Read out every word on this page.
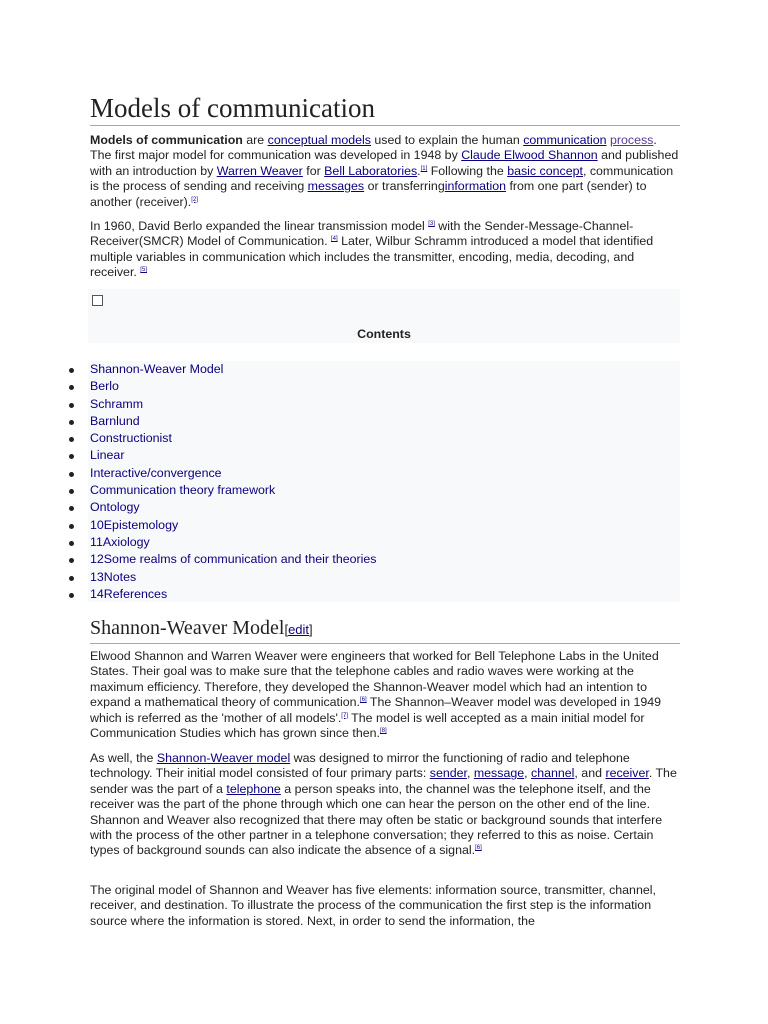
Models of communication

Models of communication are conceptual models used to explain the human communication process. The first major model for communication was developed in 1948 by Claude Elwood Shannon and published with an introduction by Warren Weaver for Bell Laboratories.[1] Following the basic concept, communication is the process of sending and receiving messages or transferringinformation from one part (sender) to another (receiver).[2]

In 1960, David Berlo expanded the linear transmission model [3] with the Sender-Message-Channel-Receiver(SMCR) Model of Communication. [4] Later, Wilbur Schramm introduced a model that identified multiple variables in communication which includes the transmitter, encoding, media, decoding, and receiver. [5]

Shannon-Weaver Model[edit]

Elwood Shannon and Warren Weaver were engineers that worked for Bell Telephone Labs in the United States. Their goal was to make sure that the telephone cables and radio waves were working at the maximum efficiency. Therefore, they developed the Shannon-Weaver model which had an intention to expand a mathematical theory of communication.[6] The Shannon–Weaver model was developed in 1949 which is referred as the 'mother of all models'.[7] The model is well accepted as a main initial model for Communication Studies which has grown since then.[8]

As well, the Shannon-Weaver model was designed to mirror the functioning of radio and telephone technology. Their initial model consisted of four primary parts: sender, message, channel, and receiver. The sender was the part of a telephone a person speaks into, the channel was the telephone itself, and the receiver was the part of the phone through which one can hear the person on the other end of the line. Shannon and Weaver also recognized that there may often be static or background sounds that interfere with the process of the other partner in a telephone conversation; they referred to this as noise. Certain types of background sounds can also indicate the absence of a signal.[6]

The original model of Shannon and Weaver has five elements: information source, transmitter, channel, receiver, and destination. To illustrate the process of the communication the first step is the information source where the information is stored. Next, in order to send the information, the

Contents
Shannon-Weaver Model
Berlo
Schramm
Barnlund
Constructionist
Linear
Interactive/convergence
Communication theory framework
Ontology
10Epistemology
11Axiology
12Some realms of communication and their theories
13Notes
14References
